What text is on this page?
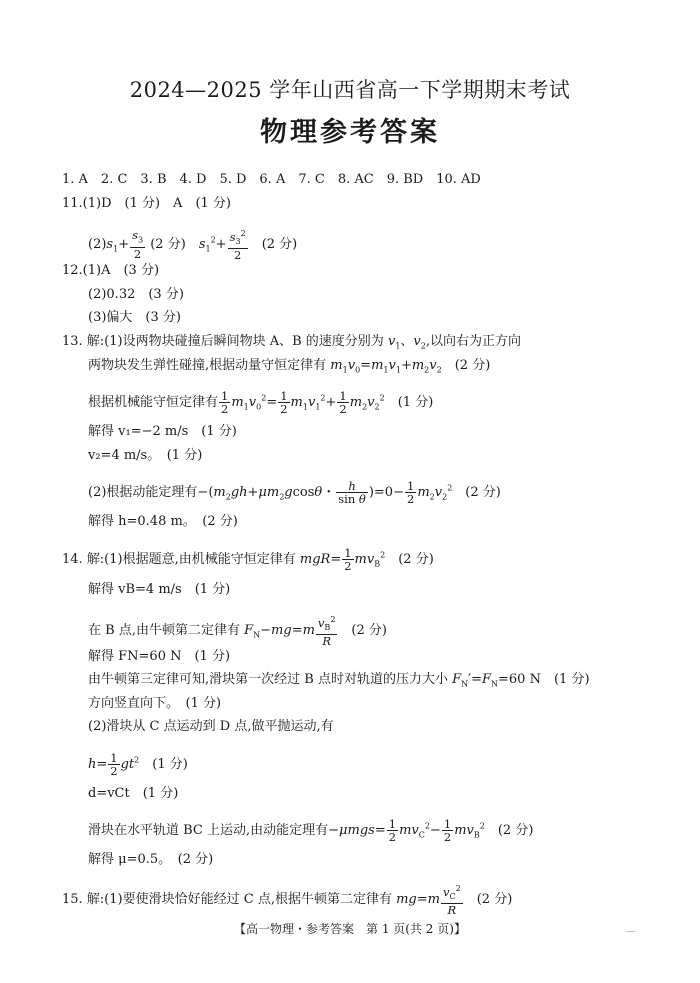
2024—2025 学年山西省高一下学期期末考试
物理参考答案
1. A　2. C　3. B　4. D　5. D　6. A　7. C　8. AC　9. BD　10. AD
11.(1)D　(1 分)　A　(1 分)
$(2)s_1+ \frac{s_3}{2} (2$ 分)　 $s_1^2+ \frac{s_3^2}{2}$
　 (2 分)
12.(1)A　(3 分)
(2)0.32　(3 分)
(3)偏大　(3 分)
13. 解:(1)设两物块碰撞后瞬间物块 A、B 的速度分别为 $v_1$、$v_2$,以向右为正方向
两物块发生弹性碰撞,根据动量守恒定律有 $m_1v_0=m_1v_1+m_2v_2$　 (2 分)
根据机械能守恒定律有 $\frac{1}{2} m_1v_0^2= \frac{1}{2} m_1v_1^2+ \frac{1}{2} m_2v_2^2$　 (1 分)
解得 v₁=−2 m/s　(1 分)
v₂=4 m/s。　(1 分)
(2)根据动能定理有$-(m_2gh+\mu m_2gcos\theta$・ $\frac{h}{\text{sin θ}} )=0- \frac{1}{2} m_2v_2^2$　 (2 分)
解得 h=0.48 m。　(2 分)
14. 解:(1)根据题意,由机械能守恒定律有 $mgR= \frac{1}{2} mv_B^2$　 (2 分)
解得 vB=4 m/s　(1 分)
在 B 点,由牛顿第二定律有 $F_N-mg=m \frac{v_B^2}{R}$
　 (2 分)
解得 FN=60 N　(1 分)
由牛顿第三定律可知,滑块第一次经过 B 点时对轨道的压力大小 $F_N'=F_N=60$ N　(1 分)
方向竖直向下。　(1 分)
(2)滑块从 C 点运动到 D 点,做平抛运动,有
$h= \frac{1}{2} gt^2$　 (1 分)
d=vCt　(1 分)
滑块在水平轨道 BC 上运动,由动能定理有$-\mu mgs= \frac{1}{2} mv_C^2- \frac{1}{2} mv_B^2$　 (2 分)
解得 μ=0.5。　(2 分)
15. 解:(1)要使滑块恰好能经过 C 点,根据牛顿第二定律有 $mg=m \frac{v_C^2}{R}$
　 (2 分)
【高一物理・参考答案　第 1 页(共 2 页)】
